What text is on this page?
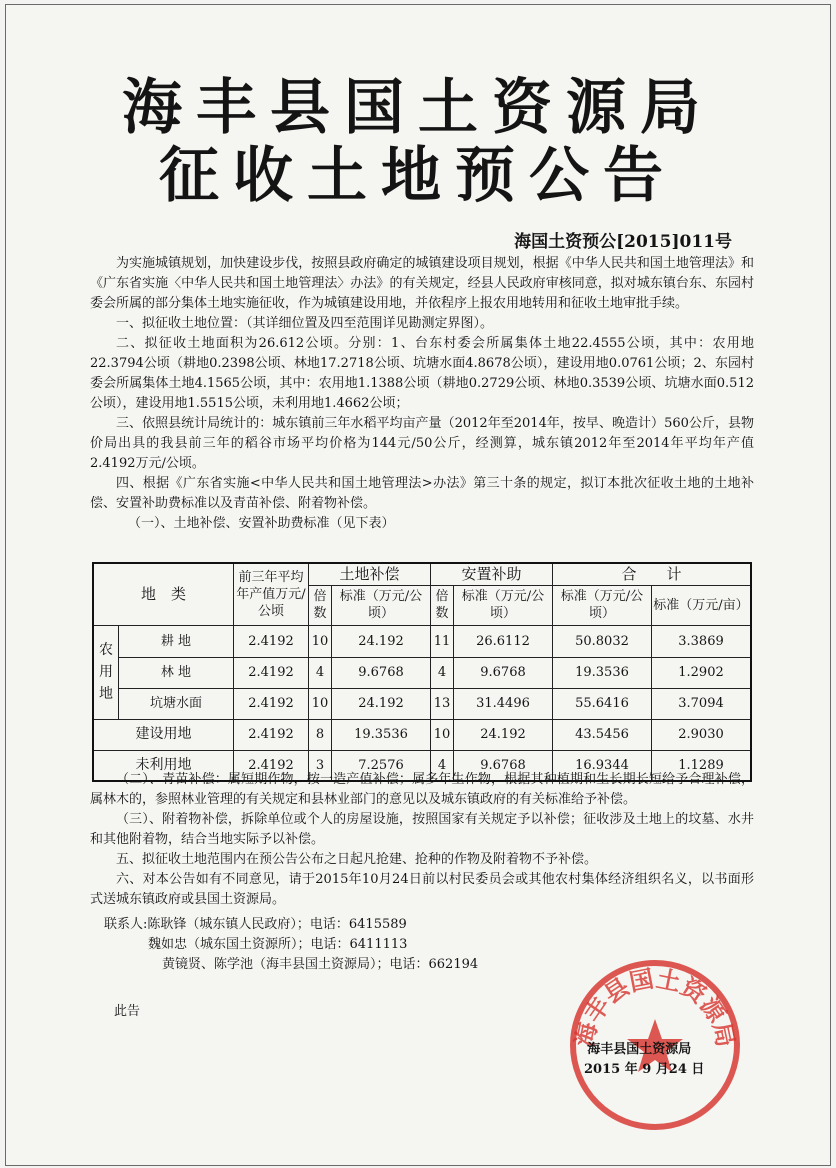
海丰县国土资源局
征收土地预公告
海国土资预公[2015]011号

为实施城镇规划，加快建设步伐，按照县政府确定的城镇建设项目规划，根据《中华人民共和国土地管理法》和《广东省实施〈中华人民共和国土地管理法〉办法》的有关规定，经县人民政府审核同意，拟对城东镇台东、东园村委会所属的部分集体土地实施征收，作为城镇建设用地，并依程序上报农用地转用和征收土地审批手续。

一、拟征收土地位置：（其详细位置及四至范围详见勘测定界图）。

二、拟征收土地面积为26.612公顷。分别：1、台东村委会所属集体土地22.4555公顷，其中：农用地22.3794公顷（耕地0.2398公顷、林地17.2718公顷、坑塘水面4.8678公顷），建设用地0.0761公顷；2、东园村委会所属集体土地4.1565公顷，其中：农用地1.1388公顷（耕地0.2729公顷、林地0.3539公顷、坑塘水面0.512公顷），建设用地1.5515公顷，未利用地1.4662公顷；

三、依照县统计局统计的：城东镇前三年水稻平均亩产量（2012年至2014年，按早、晚造计）560公斤，县物价局出具的我县前三年的稻谷市场平均价格为144元/50公斤，经测算，城东镇2012年至2014年平均年产值2.4192万元/公顷。

四、根据《广东省实施<中华人民共和国土地管理法>办法》第三十条的规定，拟订本批次征收土地的土地补偿、安置补助费标准以及青苗补偿、附着物补偿。

（一）、土地补偿、安置补助费标准（见下表）

地　类		前三年平均年产值万元/公顷	土地补偿		安置补助		合　　计	
			倍数	标准（万元/公顷）	倍数	标准（万元/公顷）	标准（万元/公顷）	标准（万元/亩）
农用地	耕 地	2.4192	10	24.192	11	26.6112	50.8032	3.3869
	林 地	2.4192	4	9.6768	4	9.6768	19.3536	1.2902
	坑塘水面	2.4192	10	24.192	13	31.4496	55.6416	3.7094
建设用地		2.4192	8	19.3536	10	24.192	43.5456	2.9030
未利用地		2.4192	3	7.2576	4	9.6768	16.9344	1.1289

（二）、青苗补偿：属短期作物，按一造产值补偿；属多年生作物，根据其种植期和生长期长短给予合理补偿，属林木的，参照林业管理的有关规定和县林业部门的意见以及城东镇政府的有关标准给予补偿。

（三）、附着物补偿，拆除单位或个人的房屋设施，按照国家有关规定予以补偿；征收涉及土地上的坟墓、水井和其他附着物，结合当地实际予以补偿。

五、拟征收土地范围内在预公告公布之日起凡抢建、抢种的作物及附着物不予补偿。

六、对本公告如有不同意见，请于2015年10月24日前以村民委员会或其他农村集体经济组织名义，以书面形式送城东镇政府或县国土资源局。

联系人:陈耿锋（城东镇人民政府）；电话：6415589
魏如忠（城东国土资源所）；电话：6411113
黄镜贤、陈学池（海丰县国土资源局）；电话：662194
此告
海丰县国土资源局
海丰县国土资源局
2015 年 9 月24 日
